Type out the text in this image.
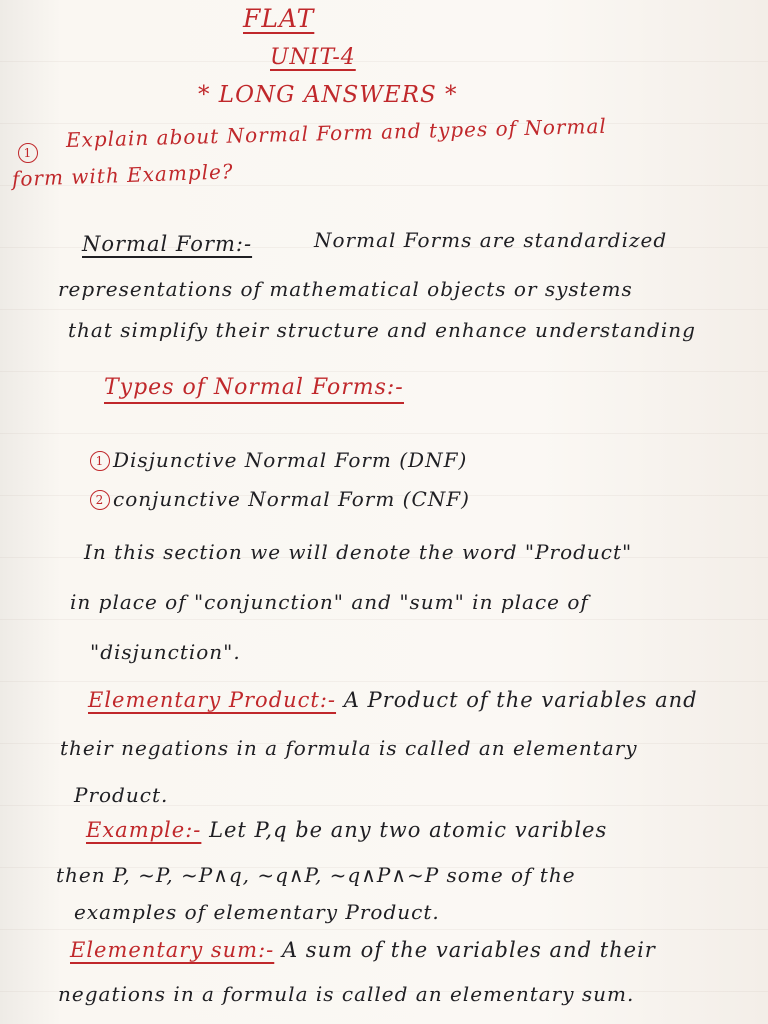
FLAT
UNIT-4
* LONG ANSWERS *
1
Explain about Normal Form and types of Normal
form with Example?
Normal Form:-	Normal Forms are standardized
representations of mathematical objects or systems
that simplify their structure and enhance understanding
Types of Normal Forms:-
1 Disjunctive Normal Form (DNF)
2 conjunctive Normal Form (CNF)
In this section we will denote the word "Product"
in place of "conjunction" and "sum" in place of
"disjunction".
Elementary Product:- A Product of the variables and
their negations in a formula is called an elementary
Product.
Example:- Let P,q be any two atomic varibles
then P, ~P, ~P∧q, ~q∧P, ~q∧P∧~P some of the
examples of elementary Product.
Elementary sum:- A sum of the variables and their
negations in a formula is called an elementary sum.
